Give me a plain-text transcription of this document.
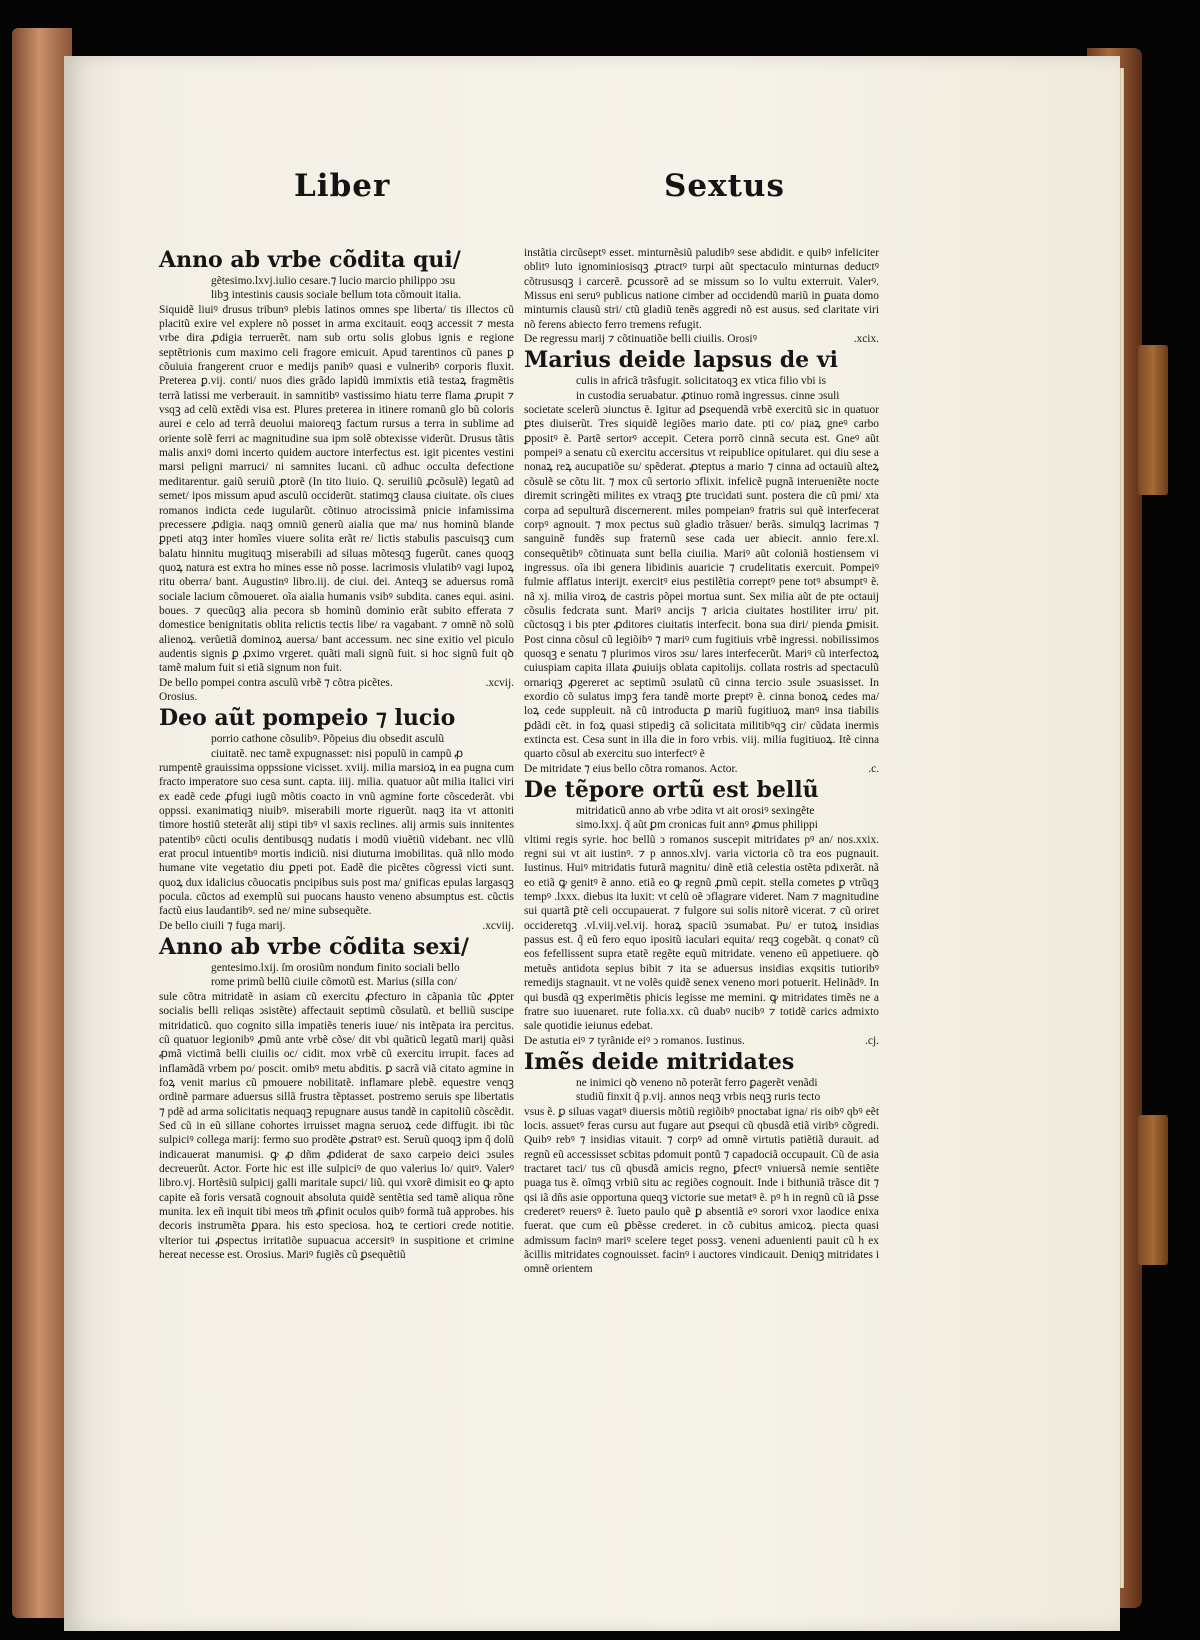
Liber	Sextus

Anno ab vrbe cõdita qui/

gẽtesimo.lxvj.iulio cesare.⁊ lucio marcio philippo ↄsu

libꝫ intestinis causis sociale bellum tota cõmouit italia.

Siquidẽ liuiꝰ drusus tribunꝰ plebis latinos omnes spe liberta/ tis illectos cũ placitũ exire vel explere nõ posset in arma excitauit. eoqꝫ accessit ⁊ mesta vrbe dira ꝓdigia terruerẽt. nam sub ortu solis globus ignis e regione septẽtrionis cum maximo celi fragore emicuit. Apud tarentinos cũ panes ꝑ cõuiuia frangerent cruor e medijs panibꝰ quasi e vulneribꝰ corporis fluxit. Preterea ꝑ.vij. conti/ nuos dies grãdo lapidũ immixtis etiã testaꝝ fragmẽtis terrã latissi me verberauit. in samnitibꝰ vastissimo hiatu terre flama ꝓrupit ⁊ vsqꝫ ad celũ extẽdi visa est. Plures preterea in itinere romanũ glo bũ coloris aurei e celo ad terrã deuolui maioreqꝫ factum rursus a terra in sublime ad oriente solẽ ferri ac magnitudine sua ipm solẽ obtexisse viderũt. Drusus tãtis malis anxiꝰ domi incerto quidem auctore interfectus est. igit picentes vestini marsi peligni marruci/ ni samnites lucani. cũ adhuc occulta defectione meditarentur. gaiũ seruiũ ꝓtorẽ (In tito liuio. Q. seruiliũ ꝓcõsulẽ) legatũ ad semet/ ipos missum apud asculũ occiderũt. statimqꝫ clausa ciuitate. oĩs ciues romanos indicta cede iugularũt. cõtinuo atrocissimã pnicie infamissima precessere ꝓdigia. naqꝫ omniũ generũ aialia que ma/ nus hominũ blande ꝑpeti atqꝫ inter homĩes viuere solita erãt re/ lictis stabulis pascuisqꝫ cum balatu hinnitu mugituqꝫ miserabili ad siluas mõtesqꝫ fugerũt. canes quoqꝫ quoꝝ natura est extra ho mines esse nõ posse. lacrimosis vlulatibꝰ vagi lupoꝝ ritu oberra/ bant. Augustinꝰ libro.iij. de ciui. dei. Anteqꝫ se aduersus romã sociale lacium cõmoueret. oĩa aialia humanis vsibꝰ subdita. canes equi. asini. boues. ⁊ quecũqꝫ alia pecora sb hominũ dominio erãt subito efferata ⁊ domestice benignitatis oblita relictis tectis libe/ ra vagabant. ⁊ omnẽ nõ solũ alienoꝝ. verũetiã dominoꝝ auersa/ bant accessum. nec sine exitio vel piculo audentis signis ꝑ ꝓximo vrgeret. quãti mali signũ fuit. si hoc signũ fuit qꝺ tamẽ malum fuit si etiã signum non fuit.

De bello pompei contra asculũ vrbẽ ⁊ cõtra picẽtes.	.xcvij.

Orosius.

Deo aũt pompeio ⁊ lucio

porrio cathone cõsulibꝰ. Põpeius diu obsedit asculũ

ciuitatẽ. nec tamẽ expugnasset: nisi populũ in campũ ꝓ

rumpentẽ grauissima oppssione vicisset. xviij. milia marsioꝝ in ea pugna cum fracto imperatore suo cesa sunt. capta. iiij. milia. quatuor aũt milia italici viri ex eadẽ cede ꝓfugi iugũ mõtis coacto in vnũ agmine forte cõscederãt. vbi oppssi. exanimatiqꝫ niuibꝰ. miserabili morte riguerũt. naqꝫ ita vt attoniti timore hostiũ steterãt alij stipi tibꝰ vl saxis reclines. alij armis suis innitentes patentibꝰ cũcti oculis dentibusqꝫ nudatis i modũ viuẽtiũ videbant. nec vllũ erat procul intuentibꝰ mortis indiciũ. nisi diuturna imobilitas. quã nllo modo humane vite vegetatio diu ꝑpeti pot. Eadẽ die picẽtes cõgressi victi sunt. quoꝝ dux idalicius cõuocatis pncipibus suis post ma/ gnificas epulas largasqꝫ pocula. cũctos ad exemplũ sui puocans hausto veneno absumptus est. cũctis factũ eius laudantibꝰ. sed ne/ mine subsequẽte.

De bello ciuili ⁊ fuga marij.	.xcviij.

Anno ab vrbe cõdita sexi/

gentesimo.lxij. ſm orosiũm nondum finito sociali bello

rome primũ bellũ ciuile cõmotũ est. Marius (silla con/

sule cõtra mitridatẽ in asiam cũ exercitu ꝓfecturo in cãpania tũc ꝓpter socialis belli reliqas ↄsistẽte) affectauit septimũ cõsulatũ. et belliũ suscipe mitridaticũ. quo cognito silla impatiẽs teneris iuue/ nis intẽpata ira percitus. cũ quatuor legionibꝰ ꝓmũ ante vrbẽ cõse/ dit vbi quãticũ legatũ marij quãsi ꝓmã victimã belli ciuilis oc/ cidit. mox vrbẽ cũ exercitu irrupit. faces ad inflamãdã vrbem po/ poscit. omibꝰ metu abditis. ꝑ sacrã viã citato agmine in foꝝ venit marius cũ pmouere nobilitatẽ. inflamare plebẽ. equestre venqꝫ ordinẽ parmare aduersus sillã frustra tẽptasset. postremo seruis spe libertatis ⁊ pdẽ ad arma solicitatis nequaqꝫ repugnare ausus tandẽ in capitoliũ cõscẽdit. Sed cũ in eũ sillane cohortes irruisset magna seruoꝝ cede diffugit. ibi tũc sulpiciꝰ collega marij: fermo suo prodẽte ꝓstratꝰ est. Seruũ quoqꝫ ipm q̃ dolũ indicauerat manumisi. ꝙ ꝓ dñm ꝓdiderat de saxo carpeio deici ↄsules decreuerũt. Actor. Forte hic est ille sulpiciꝰ de quo valerius lo/ quitꝰ. Valerꝰ libro.vj. Hortẽsiũ sulpicij galli maritale supci/ liũ. qui vxorẽ dimisit eo ꝙ apto capite eã foris versatã cognouit absoluta quidẽ sentẽtia sed tamẽ aliqua rõne munita. lex eñ inquit tibi meos tm̃ ꝓfinit oculos quibꝰ formã tuã approbes. his decoris instrumẽta ꝑpara. his esto speciosa. hoꝝ te certiori crede notitie. vlterior tui ꝓspectus irritatiõe supuacua accersitꝰ in suspitione et crimine hereat necesse est. Orosius. Mariꝰ fugiẽs cũ ꝑsequẽtiũ

instãtia circũseptꝰ esset. minturnẽsiũ paludibꝰ sese abdidit. e quibꝰ infeliciter oblitꝰ luto ignominiosisqꝫ ꝓtractꝰ turpi aũt spectaculo minturnas deductꝰ cõtrususqꝫ i carcerẽ. ꝑcussorẽ ad se missum so lo vultu exterruit. Valerꝰ. Missus eni seruꝰ publicus natione cimber ad occidendũ mariũ in ꝑuata domo minturnis clausũ stri/ ctũ gladiũ tenẽs aggredi nõ est ausus. sed claritate viri nõ ferens abiecto ferro tremens refugit.

De regressu marij ⁊ cõtinuatiõe belli ciuilis. Orosiꝰ	.xcix.

Marius deide lapsus de vi

culis in africã trãsfugit. solicitatoqꝫ ex vtica filio vbi is

in custodia seruabatur. ꝓtinuo romã ingressus. cinne ↄsuli

societate scelerũ ↄiunctus ẽ. Igitur ad ꝑsequendã vrbẽ exercitũ sic in quatuor ꝑtes diuiserũt. Tres siquidẽ legiões mario date. pti co/ piaꝝ gneꝰ carbo ꝑpositꝰ ẽ. Partẽ sertorꝰ accepit. Cetera porrõ cinnã secuta est. Gneꝰ aũt pompeiꝰ a senatu cũ exercitu accersitus vt reipublice opitularet. qui diu sese a nonaꝝ reꝝ aucupatiõe su/ spẽderat. ꝓteptus a mario ⁊ cinna ad octauiũ alteꝝ cõsulẽ se cõtu lit. ⁊ mox cũ sertorio ↄflixit. infelicẽ pugnã interueniẽte nocte diremit scringẽti milites ex vtraqꝫ ꝑte trucidati sunt. postera die cũ pmi/ xta corpa ad sepulturã discernerent. miles pompeianꝰ fratris sui quẽ interfecerat corpꝰ agnouit. ⁊ mox pectus suũ gladio trãsuer/ berãs. simulqꝫ lacrimas ⁊ sanguinẽ fundẽs sup fraternũ sese cada uer abiecit. annio fere.xl. consequẽtibꝰ cõtinuata sunt bella ciuilia. Mariꝰ aũt coloniã hostiensem vi ingressus. oĩa ibi genera libidinis auaricie ⁊ crudelitatis exercuit. Pompeiꝰ fulmie afflatus interijt. exercitꝰ eius pestilẽtia correptꝰ pene totꝰ absumptꝰ ẽ. nã xj. milia viroꝝ de castris põpei mortua sunt. Sex milia aũt de pte octauij cõsulis fedcrata sunt. Mariꝰ ancijs ⁊ aricia ciuitates hostiliter irru/ pit. cũctosqꝫ i bis pter ꝓditores ciuitatis interfecit. bona sua diri/ pienda ꝑmisit. Post cinna cõsul cũ legiõibꝰ ⁊ mariꝰ cum fugitiuis vrbẽ ingressi. nobilissimos quosqꝫ e senatu ⁊ plurimos viros ↄsu/ lares interfecerũt. Mariꝰ cũ interfectoꝝ cuiuspiam capita illata ꝓuiuijs oblata capitolijs. collata rostris ad spectaculũ ornariqꝫ ꝓgereret ac septimũ ↄsulatũ cũ cinna tercio ↄsule ↄsuasisset. In exordio cõ sulatus impꝫ fera tandẽ morte ꝑreptꝰ ẽ. cinna bonoꝝ cedes ma/ loꝝ cede suppleuit. nã cũ introducta ꝑ mariũ fugitiuoꝝ manꝰ insa tiabilis ꝑdãdi cẽt. in foꝝ quasi stipediꝫ cã solicitata militibꝰqꝫ cir/ cũdata inermis extincta est. Cesa sunt in illa die in foro vrbis. viij. milia fugitiuoꝝ. Itẽ cinna quarto cõsul ab exercitu suo interfectꝰ ẽ

De mitridate ⁊ eius bello cõtra romanos. Actor.	.c.

De tẽpore ortũ est bellũ

mitridaticũ anno ab vrbe ↄdita vt ait orosiꝰ sexingẽte

simo.lxxj. q̃ aũt ꝑm cronicas fuit annꝰ ꝓmus philippi

vltimi regis syrie. hoc bellũ ↄ romanos suscepit mitridates pꝰ an/ nos.xxix. regni sui vt ait iustinꝰ. ⁊ p annos.xlvj. varia victoria cõ tra eos pugnauit. Iustinus. Huiꝰ mitridatis futurã magnitu/ dinẽ etiã celestia ostẽta pdixerãt. nã eo etiã ꝙ genitꝰ ẽ anno. etiã eo ꝙ regnũ ꝓmũ cepit. stella cometes ꝑ vtrũqꝫ tempꝰ .lxxx. diebus ita luxit: vt celũ oẽ ↄflagrare videret. Nam ⁊ magnitudine sui quartã ꝑtẽ celi occupauerat. ⁊ fulgore sui solis nitorẽ vicerat. ⁊ cũ oriret occideretqꝫ .vl.viij.vel.vij. horaꝝ spaciũ ↄsumabat. Pu/ er tutoꝝ insidias passus est. q̃ eũ fero equo ipositũ iaculari equita/ reqꝫ cogebãt. q conatꝰ cũ eos fefellissent supra etatẽ regẽte equũ mitridate. veneno eũ appetiuere. qꝺ metuẽs antidota sepius bibit ⁊ ita se aduersus insidias exqsitis tutioribꝰ remedijs stagnauit. vt ne volẽs quidẽ senex veneno mori potuerit. Helinãdꝰ. In qui busdã qꝫ experimẽtis phicis legisse me memini. ꝙ mitridates timẽs ne a fratre suo iuuenaret. rute folia.xx. cũ duabꝰ nucibꝰ ⁊ totidẽ carics admixto sale quotidie ieiunus edebat.

De astutia eiꝰ ⁊ tyrãnide eiꝰ ↄ romanos. Iustinus.	.cj.

Imẽs deide mitridates

ne inimici qꝺ veneno nõ poterãt ferro ꝑagerẽt venãdi

studiũ finxit q̃ p.vij. annos neqꝫ vrbis neqꝫ ruris tecto

vsus ẽ. ꝑ siluas vagatꝰ diuersis mõtiũ regiõibꝰ pnoctabat igna/ ris oibꝰ qbꝰ eẽt locis. assuetꝰ feras cursu aut fugare aut ꝑsequi cũ qbusdã etiã viribꝰ cõgredi. Quibꝰ rebꝰ ⁊ insidias vitauit. ⁊ corpꝰ ad omnẽ virtutis patiẽtiã durauit. ad regnũ eũ accessisset scbitas pdomuit pontũ ⁊ capadociã occupauit. Cũ de asia tractaret taci/ tus cũ qbusdã amicis regno, ꝑfectꝰ vniuersã nemie sentiẽte puaga tus ẽ. oĩmqꝫ vrbiũ situ ac regiões cognouit. Inde i bithuniã trãsce dit ⁊ qsi iã dñs asie opportuna queqꝫ victorie sue metatꝰ ẽ. pꝰ h in regnũ cũ iã ꝑsse crederetꝰ reuersꝰ ẽ. ĩueto paulo quẽ ꝑ absentiã eꝰ sorori vxor laodice enixa fuerat. que cum eũ ꝑbẽsse crederet. in cõ cubitus amicoꝝ. piecta quasi admissum facinꝰ mariꝰ scelere teget possꝫ. veneni aduenienti pauit cũ h ex ãcillis mitridates cognouisset. facinꝰ i auctores vindicauit. Deniqꝫ mitridates i omnẽ orientem
